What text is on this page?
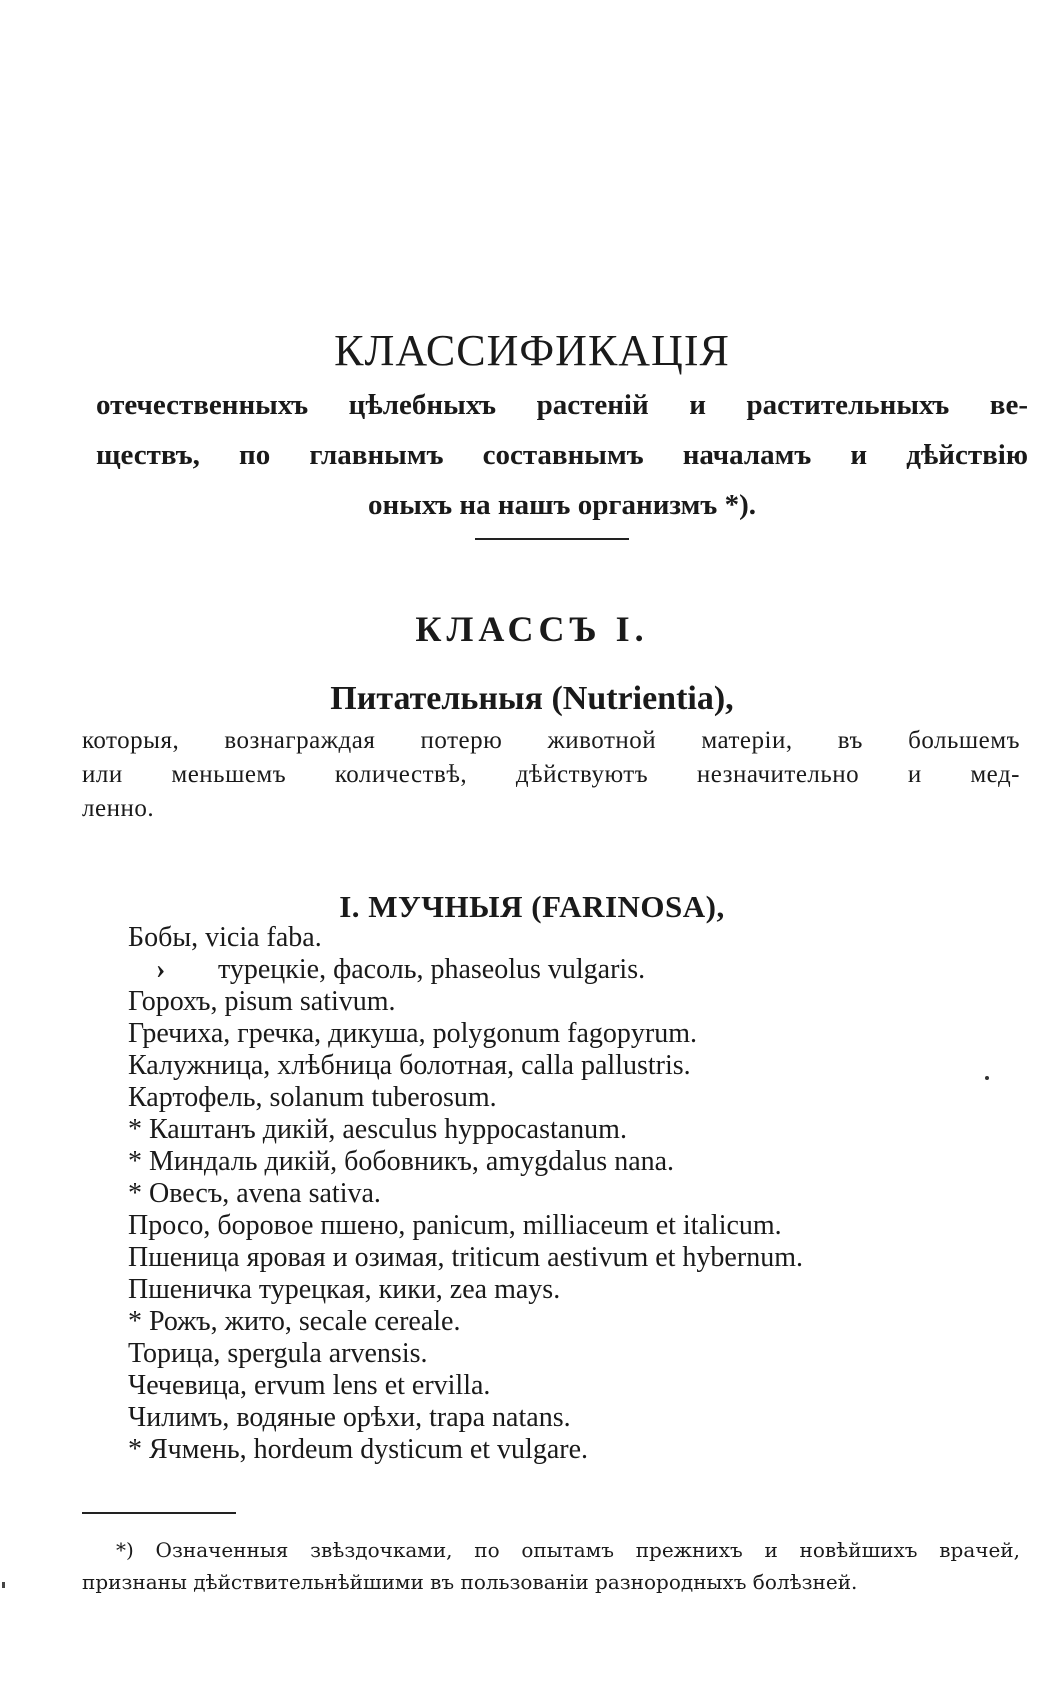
КЛАССИФИКАЦІЯ
отечественныхъ цѣлебныхъ растеній и растительныхъ ве-
ществъ, по главнымъ составнымъ началамъ и дѣйствію
оныхъ на нашъ организмъ *).
КЛАССЪ I.
Питательныя (Nutrientia),
которыя, вознаграждая потерю животной матеріи, въ большемъ
или меньшемъ количествѣ, дѣйствуютъ незначительно и мед-
ленно.
I. МУЧНЫЯ (FARINOSA),
Бобы, vicia faba.
› турецкіе, фасоль, phaseolus vulgaris.
Горохъ, pisum sativum.
Гречиха, гречка, дикуша, polygonum fagopyrum.
Калужница, хлѣбница болотная, calla pallustris.
Картофель, solanum tuberosum.
* Каштанъ дикій, aesculus hyppocastanum.
* Миндаль дикій, бобовникъ, amygdalus nana.
* Овесъ, avena sativa.
Просо, боровое пшено, panicum, milliaceum et italicum.
Пшеница яровая и озимая, triticum aestivum et hybernum.
Пшеничка турецкая, кики, zea mays.
* Рожъ, жито, secale cereale.
Торица, spergula arvensis.
Чечевица, ervum lens et ervilla.
Чилимъ, водяные орѣхи, trapa natans.
* Ячмень, hordeum dysticum et vulgare.
*) Означенныя звѣздочками, по опытамъ прежнихъ и новѣйшихъ врачей,
признаны дѣйствительнѣйшими въ пользованіи разнородныхъ болѣзней.
